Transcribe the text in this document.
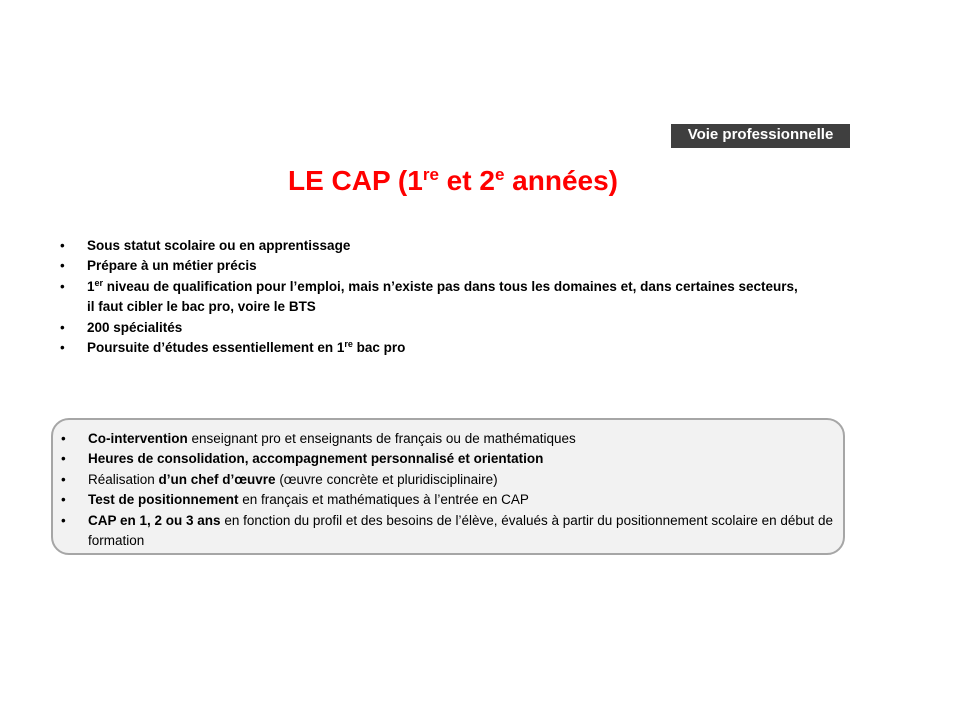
Voie professionnelle
LE CAP (1re et 2e années)
• Sous statut scolaire ou en apprentissage
• Prépare à un métier précis
• 1er niveau de qualification pour l’emploi, mais n’existe pas dans tous les domaines et, dans certaines secteurs,
il faut cibler le bac pro, voire le BTS
• 200 spécialités
• Poursuite d’études essentiellement en 1re bac pro
• Co-intervention enseignant pro et enseignants de français ou de mathématiques
• Heures de consolidation, accompagnement personnalisé et orientation
• Réalisation d’un chef d’œuvre (œuvre concrète et pluridisciplinaire)
• Test de positionnement en français et mathématiques à l’entrée en CAP
• CAP en 1, 2 ou 3 ans en fonction du profil et des besoins de l’élève, évalués à partir du positionnement scolaire en début de formation
